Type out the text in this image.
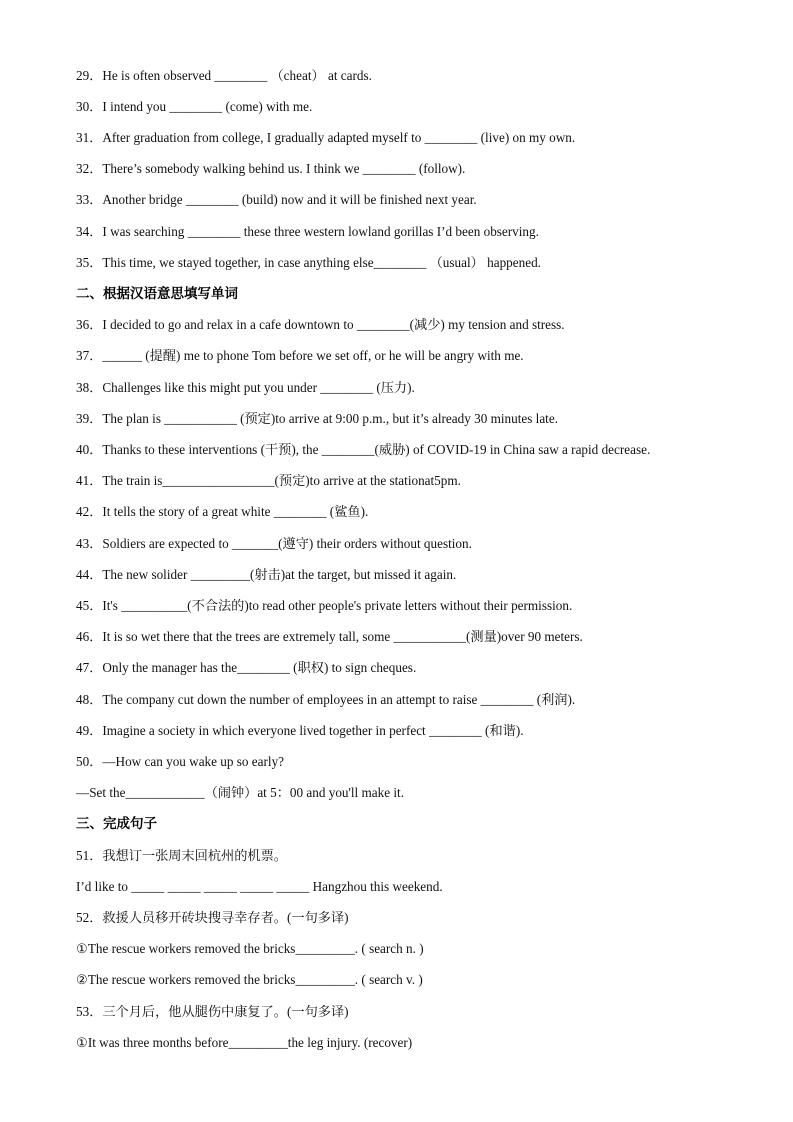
29．He is often observed ________ （cheat） at cards.
30．I intend you ________ (come) with me.
31．After graduation from college, I gradually adapted myself to ________ (live) on my own.
32．There’s somebody walking behind us. I think we ________ (follow).
33．Another bridge ________ (build) now and it will be finished next year.
34．I was searching ________ these three western lowland gorillas I’d been observing.
35．This time, we stayed together, in case anything else________ （usual） happened.
二、根据汉语意思填写单词
36．I decided to go and relax in a cafe downtown to ________(减少) my tension and stress.
37．______ (提醒) me to phone Tom before we set off, or he will be angry with me.
38．Challenges like this might put you under ________ (压力).
39．The plan is ___________ (预定)to arrive at 9:00 p.m., but it’s already 30 minutes late.
40．Thanks to these interventions (干预), the ________(威胁) of COVID-19 in China saw a rapid decrease.
41．The train is_________________(预定)to arrive at the stationat5pm.
42．It tells the story of a great white ________ (鲨鱼).
43．Soldiers are expected to _______(遵守) their orders without question.
44．The new solider _________(射击)at the target, but missed it again.
45．It's __________(不合法的)to read other people's private letters without their permission.
46．It is so wet there that the trees are extremely tall, some ___________(测量)over 90 meters.
47．Only the manager has the________ (职权) to sign cheques.
48．The company cut down the number of employees in an attempt to raise ________ (利润).
49．Imagine a society in which everyone lived together in perfect ________ (和谐).
50．—How can you wake up so early?
—Set the____________（闹钟）at 5：00 and you'll make it.
三、完成句子
51．我想订一张周末回杭州的机票。
I’d like to _____ _____ _____ _____ _____ Hangzhou this weekend.
52．救援人员移开砖块搜寻幸存者。(一句多译)
①The rescue workers removed the bricks_________. ( search n. )
②The rescue workers removed the bricks_________. ( search v. )
53．三个月后，他从腿伤中康复了。(一句多译)
①It was three months before_________the leg injury. (recover)
